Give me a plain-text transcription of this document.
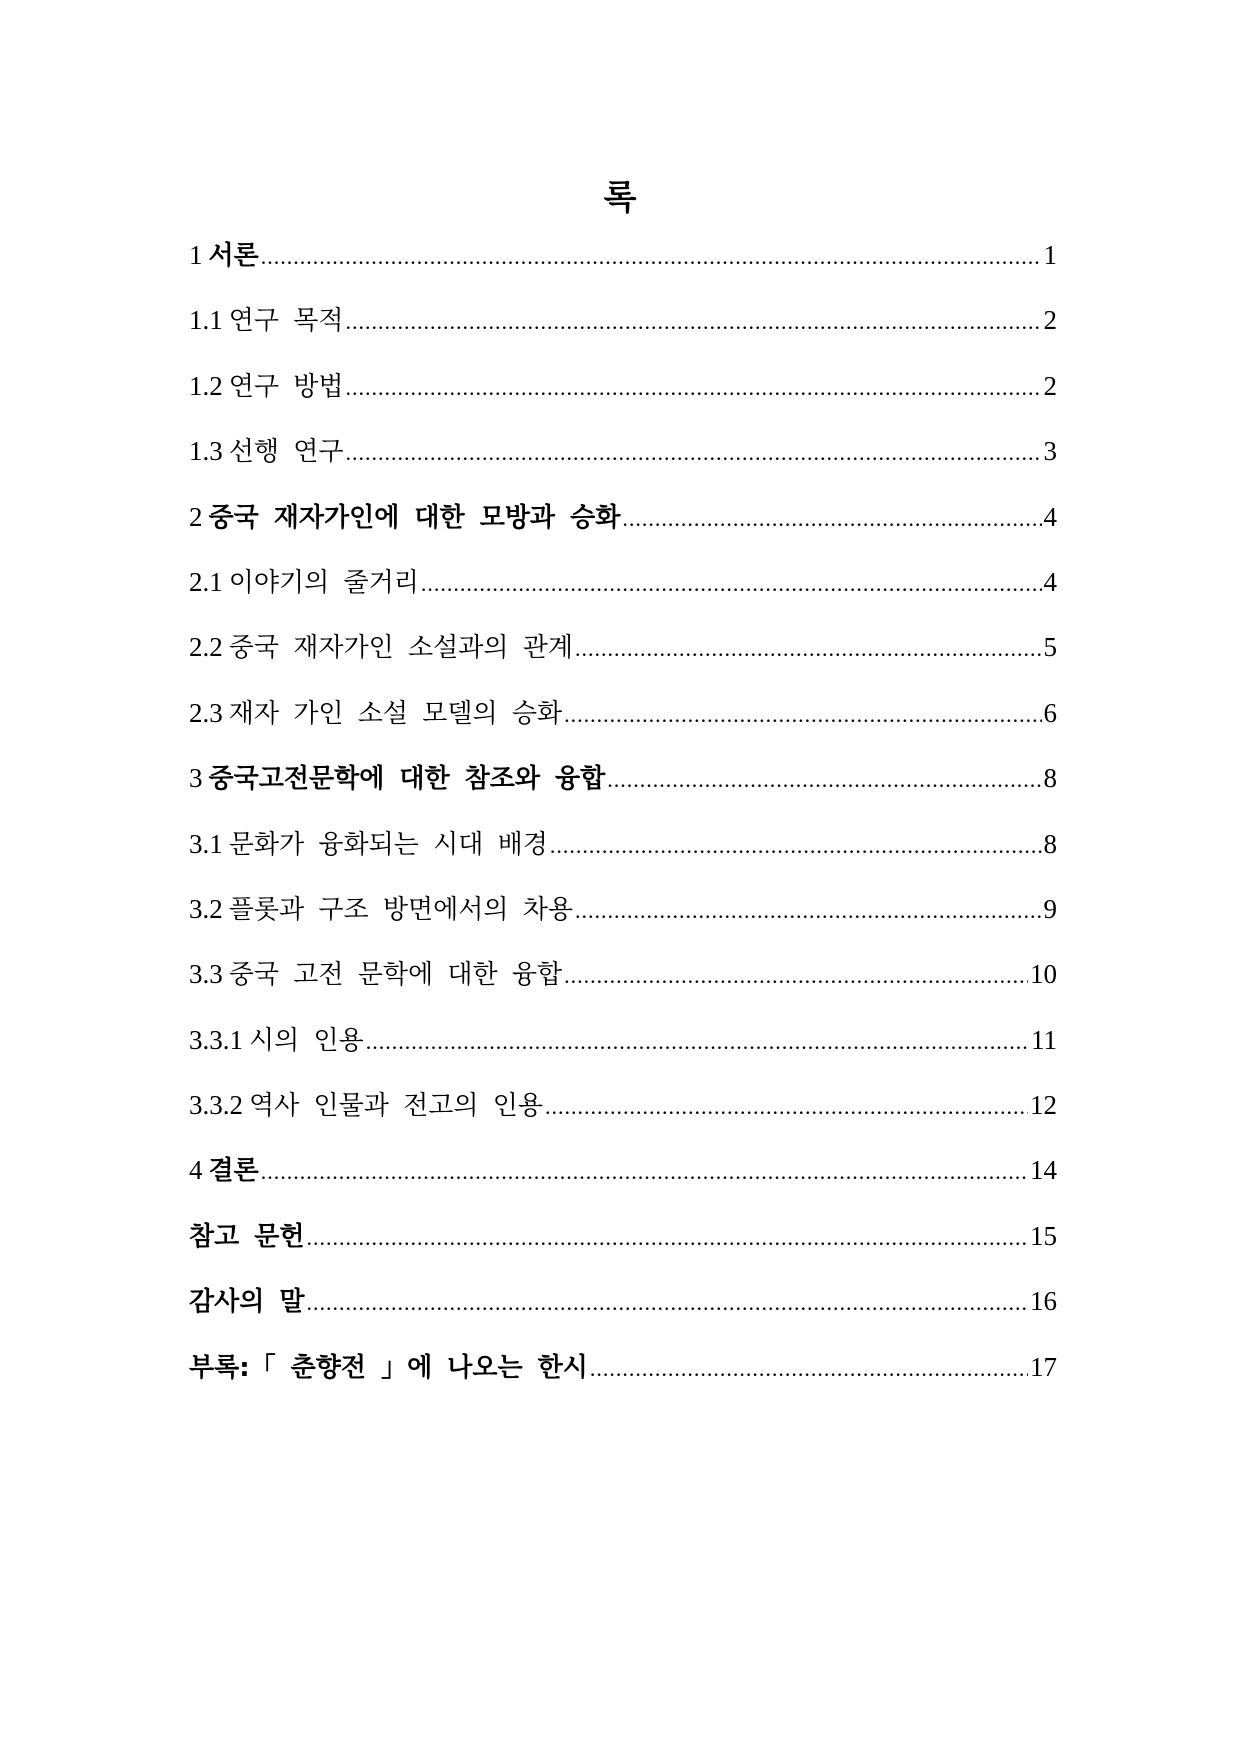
록
1 서론 .....	1
1.1 연구 목적 .....	2
1.2 연구 방법 .....	2
1.3 선행 연구 .....	3
2 중국 재자가인에 대한 모방과 승화 .....	4
2.1 이야기의 줄거리 .....	4
2.2 중국 재자가인 소설과의 관계 .....	5
2.3 재자 가인 소설 모델의 승화 .....	6
3 중국고전문학에 대한 참조와 융합 .....	8
3.1 문화가 융화되는 시대 배경 .....	8
3.2 플롯과 구조 방면에서의 차용 .....	9
3.3 중국 고전 문학에 대한 융합 .....	10
3.3.1 시의 인용 .....	11
3.3.2 역사 인물과 전고의 인용 .....	12
4 결론 .....	14
참고 문헌 .....	15
감사의 말 .....	16
부록:「 춘향전 」에 나오는 한시 .....	17
